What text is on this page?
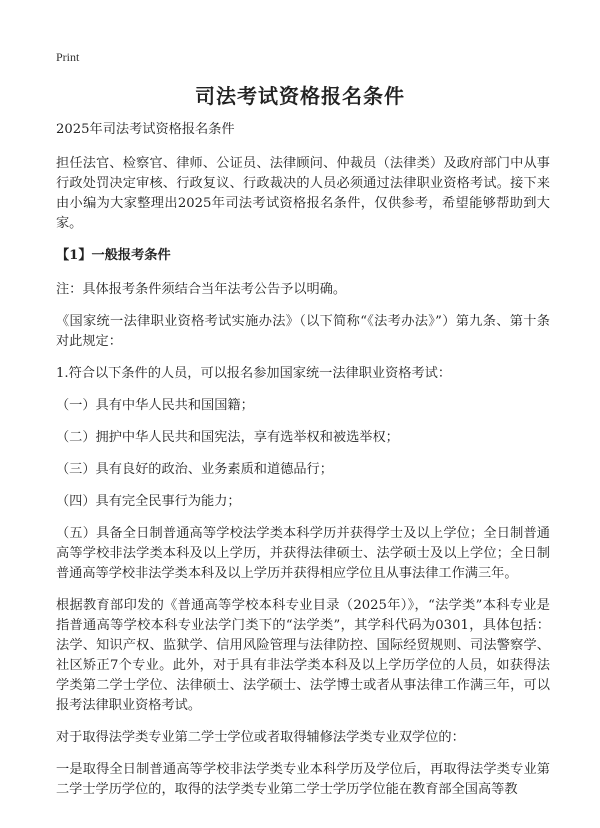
Print
司法考试资格报名条件

2025年司法考试资格报名条件

担任法官、检察官、律师、公证员、法律顾问、仲裁员（法律类）及政府部门中从事行政处罚决定审核、行政复议、行政裁决的人员必须通过法律职业资格考试。接下来由小编为大家整理出2025年司法考试资格报名条件，仅供参考，希望能够帮助到大家。

【1】一般报考条件

注：具体报考条件须结合当年法考公告予以明确。

《国家统一法律职业资格考试实施办法》（以下简称“《法考办法》”）第九条、第十条对此规定：

1.符合以下条件的人员，可以报名参加国家统一法律职业资格考试：

（一）具有中华人民共和国国籍；

（二）拥护中华人民共和国宪法，享有选举权和被选举权；

（三）具有良好的政治、业务素质和道德品行；

（四）具有完全民事行为能力；

（五）具备全日制普通高等学校法学类本科学历并获得学士及以上学位；全日制普通高等学校非法学类本科及以上学历，并获得法律硕士、法学硕士及以上学位；全日制普通高等学校非法学类本科及以上学历并获得相应学位且从事法律工作满三年。

根据教育部印发的《普通高等学校本科专业目录（2025年）》，“法学类”本科专业是指普通高等学校本科专业法学门类下的“法学类”，其学科代码为0301，具体包括：法学、知识产权、监狱学、信用风险管理与法律防控、国际经贸规则、司法警察学、社区矫正7个专业。此外，对于具有非法学类本科及以上学历学位的人员，如获得法学类第二学士学位、法律硕士、法学硕士、法学博士或者从事法律工作满三年，可以报考法律职业资格考试。

对于取得法学类专业第二学士学位或者取得辅修法学类专业双学位的：

一是取得全日制普通高等学校非法学类专业本科学历及学位后，再取得法学类专业第二学士学历学位的，取得的法学类专业第二学士学历学位能在教育部全国高等教
